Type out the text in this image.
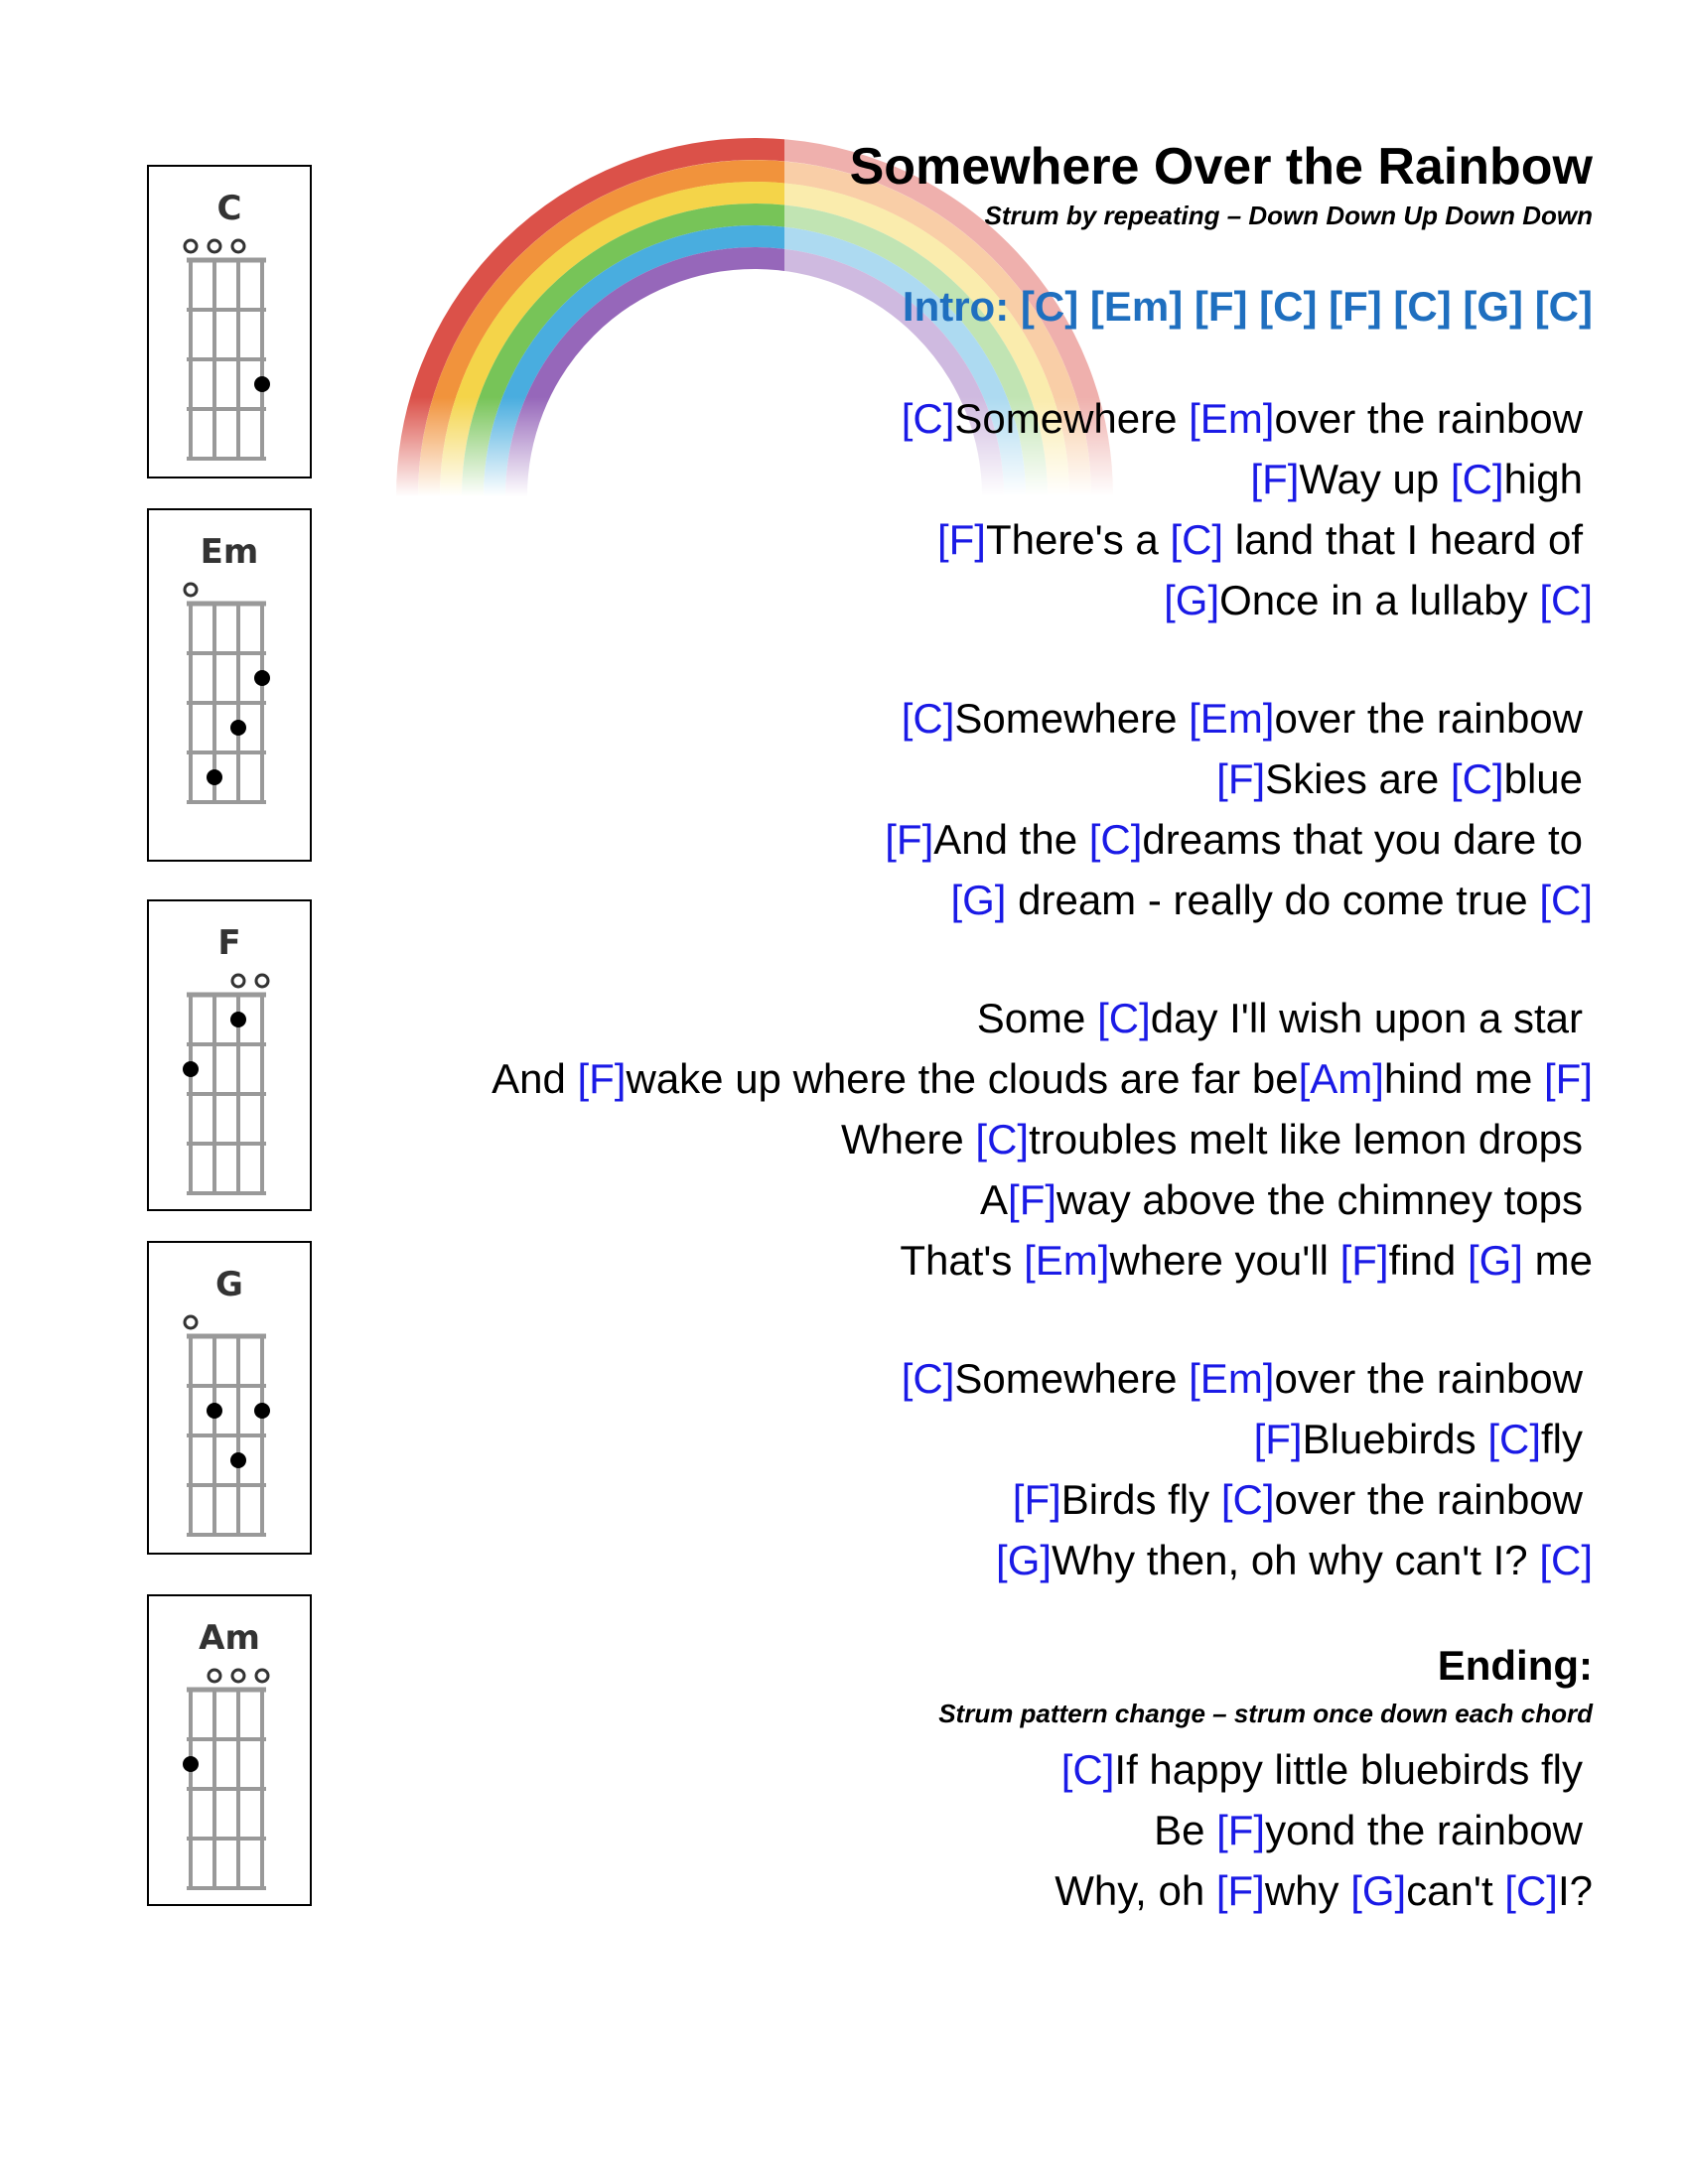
C
Em
F
G
Am
Somewhere Over the Rainbow
Strum by repeating – Down Down Up Down Down
Intro: [C] [Em] [F] [C] [F] [C] [G] [C]
[C]Somewhere [Em]over the rainbow
[F]Way up [C]high
[F]There's a [C] land that I heard of
[G]Once in a lullaby [C]
[C]Somewhere [Em]over the rainbow
[F]Skies are [C]blue
[F]And the [C]dreams that you dare to
[G] dream - really do come true [C]
Some [C]day I'll wish upon a star
And [F]wake up where the clouds are far be[Am]hind me [F]
Where [C]troubles melt like lemon drops
A[F]way above the chimney tops
That's [Em]where you'll [F]find [G] me
[C]Somewhere [Em]over the rainbow
[F]Bluebirds [C]fly
[F]Birds fly [C]over the rainbow
[G]Why then, oh why can't I? [C]
Ending:
Strum pattern change – strum once down each chord
[C]If happy little bluebirds fly
Be [F]yond the rainbow
Why, oh [F]why [G]can't [C]I?
